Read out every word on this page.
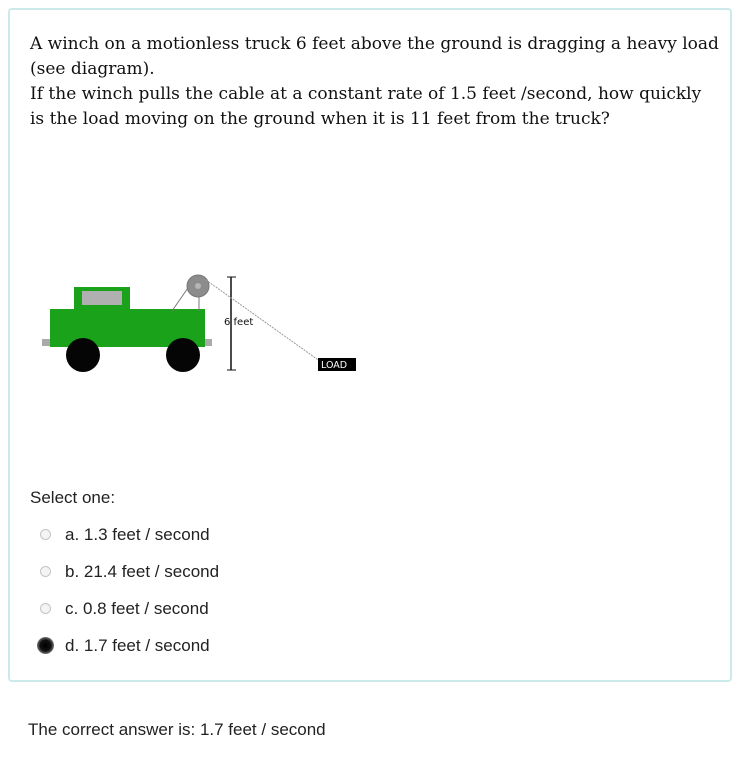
A winch on a motionless truck 6 feet above the ground is dragging a heavy load (see diagram).

If the winch pulls the cable at a constant rate of 1.5 feet /second, how quickly is the load moving on the ground when it is 11 feet from the truck?

6 feet
LOAD
Select one:
a. 1.3 feet / second
b. 21.4 feet / second
c. 0.8 feet / second
d. 1.7 feet / second
The correct answer is: 1.7 feet / second
